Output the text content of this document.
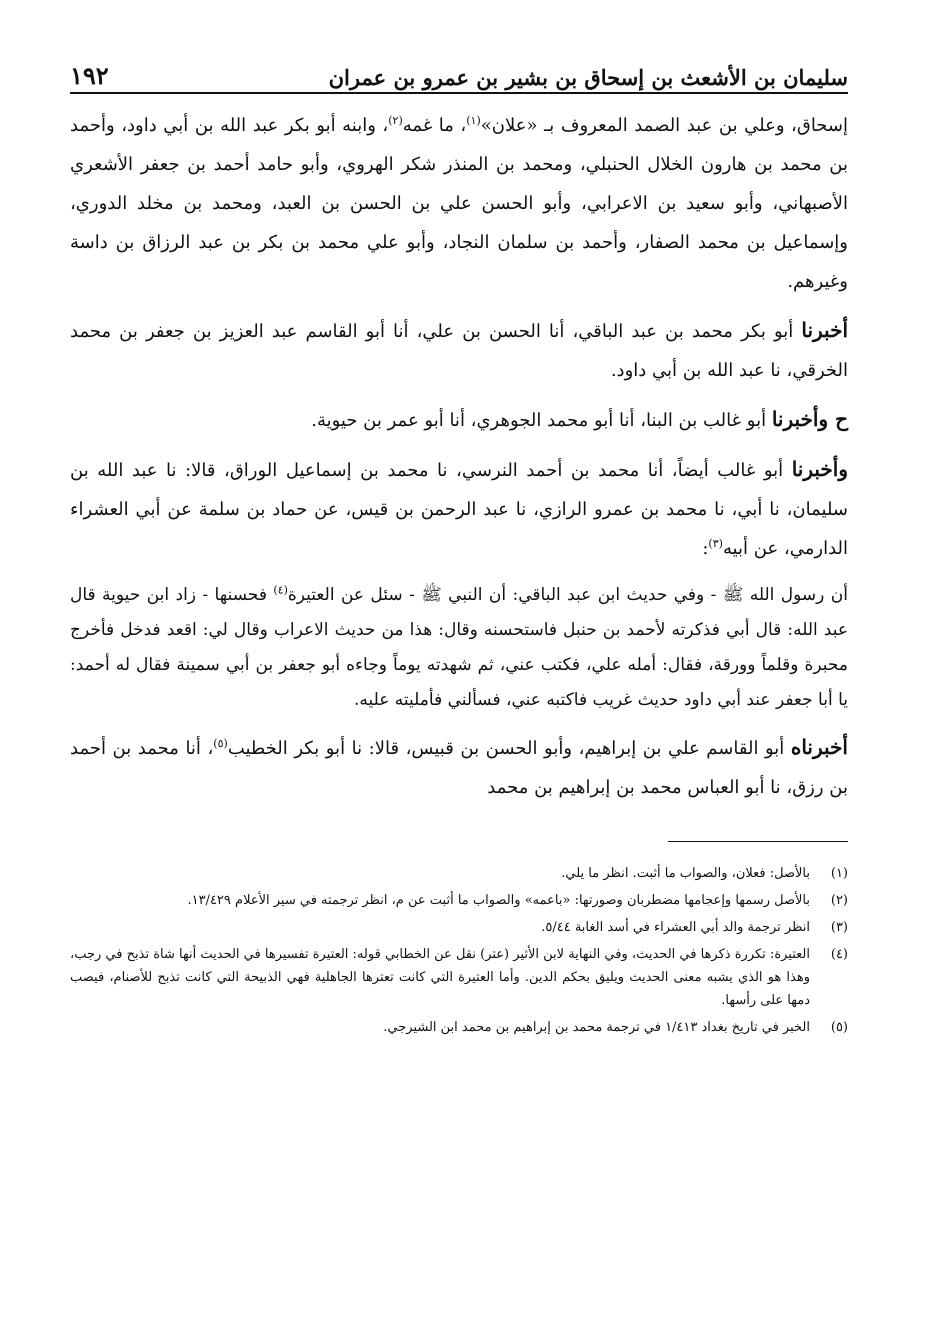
سليمان بن الأشعث بن إسحاق بن بشير بن عمرو بن عمران
١٩٢

إسحاق، وعلي بن عبد الصمد المعروف بـ «علان»$^{(١)}$، ما غمه$^{(٢)}$، وابنه أبو بكر عبد الله بن أبي داود، وأحمد بن محمد بن هارون الخلال الحنبلي، ومحمد بن المنذر شكر الهروي، وأبو حامد أحمد بن جعفر الأشعري الأصبهاني، وأبو سعيد بن الاعرابي، وأبو الحسن علي بن الحسن بن العبد، ومحمد بن مخلد الدوري، وإسماعيل بن محمد الصفار، وأحمد بن سلمان النجاد، وأبو علي محمد بن بكر بن عبد الرزاق بن داسة وغيرهم.

أخبرنا أبو بكر محمد بن عبد الباقي، أنا الحسن بن علي، أنا أبو القاسم عبد العزيز بن جعفر بن محمد الخرقي، نا عبد الله بن أبي داود.

ح وأخبرنا أبو غالب بن البنا، أنا أبو محمد الجوهري، أنا أبو عمر بن حيوية.

وأخبرنا أبو غالب أيضاً، أنا محمد بن أحمد النرسي، نا محمد بن إسماعيل الوراق، قالا: نا عبد الله بن سليمان، نا أبي، نا محمد بن عمرو الرازي، نا عبد الرحمن بن قيس، عن حماد بن سلمة عن أبي العشراء الدارمي، عن أبيه$^{(٣)}$:

أن رسول الله ﷺ - وفي حديث ابن عبد الباقي: أن النبي ﷺ - سئل عن العتيرة$^{(٤)}$ فحسنها - زاد ابن حيوية قال عبد الله: قال أبي فذكرته لأحمد بن حنبل فاستحسنه وقال: هذا من حديث الاعراب وقال لي: اقعد فدخل فأخرج محبرة وقلماً وورقة، فقال: أمله علي، فكتب عني، ثم شهدته يوماً وجاءه أبو جعفر بن أبي سمينة فقال له أحمد: يا أبا جعفر عند أبي داود حديث غريب فاكتبه عني، فسألني فأمليته عليه.

أخبرناه أبو القاسم علي بن إبراهيم، وأبو الحسن بن قبيس، قالا: نا أبو بكر الخطيب$^{(٥)}$، أنا محمد بن أحمد بن رزق، نا أبو العباس محمد بن إبراهيم بن محمد

(١)
بالأصل: فعلان، والصواب ما أثبت. انظر ما يلي.
(٢)
بالأصل رسمها وإعجامها مضطربان وصورتها: «باعمه» والصواب ما أثبت عن م، انظر ترجمته في سير الأعلام ١٣/٤٢٩.
(٣)
انظر ترجمة والد أبي العشراء في أسد الغابة ٥/٤٤.
(٤)
العتيرة: تكررة ذكرها في الحديث، وفي النهاية لابن الأثير (عتر) نقل عن الخطابي قوله: العتيرة تفسيرها في الحديث أنها شاة تذبح في رجب، وهذا هو الذي يشبه معنى الحديث ويليق بحكم الدين. وأما العتيرة التي كانت تعترها الجاهلية فهي الذبيحة التي كانت تذبح للأصنام، فيصب دمها على رأسها.
(٥)
الخبر في تاريخ بغداد ١/٤١٣ في ترجمة محمد بن إبراهيم بن محمد ابن الشيرجي.
